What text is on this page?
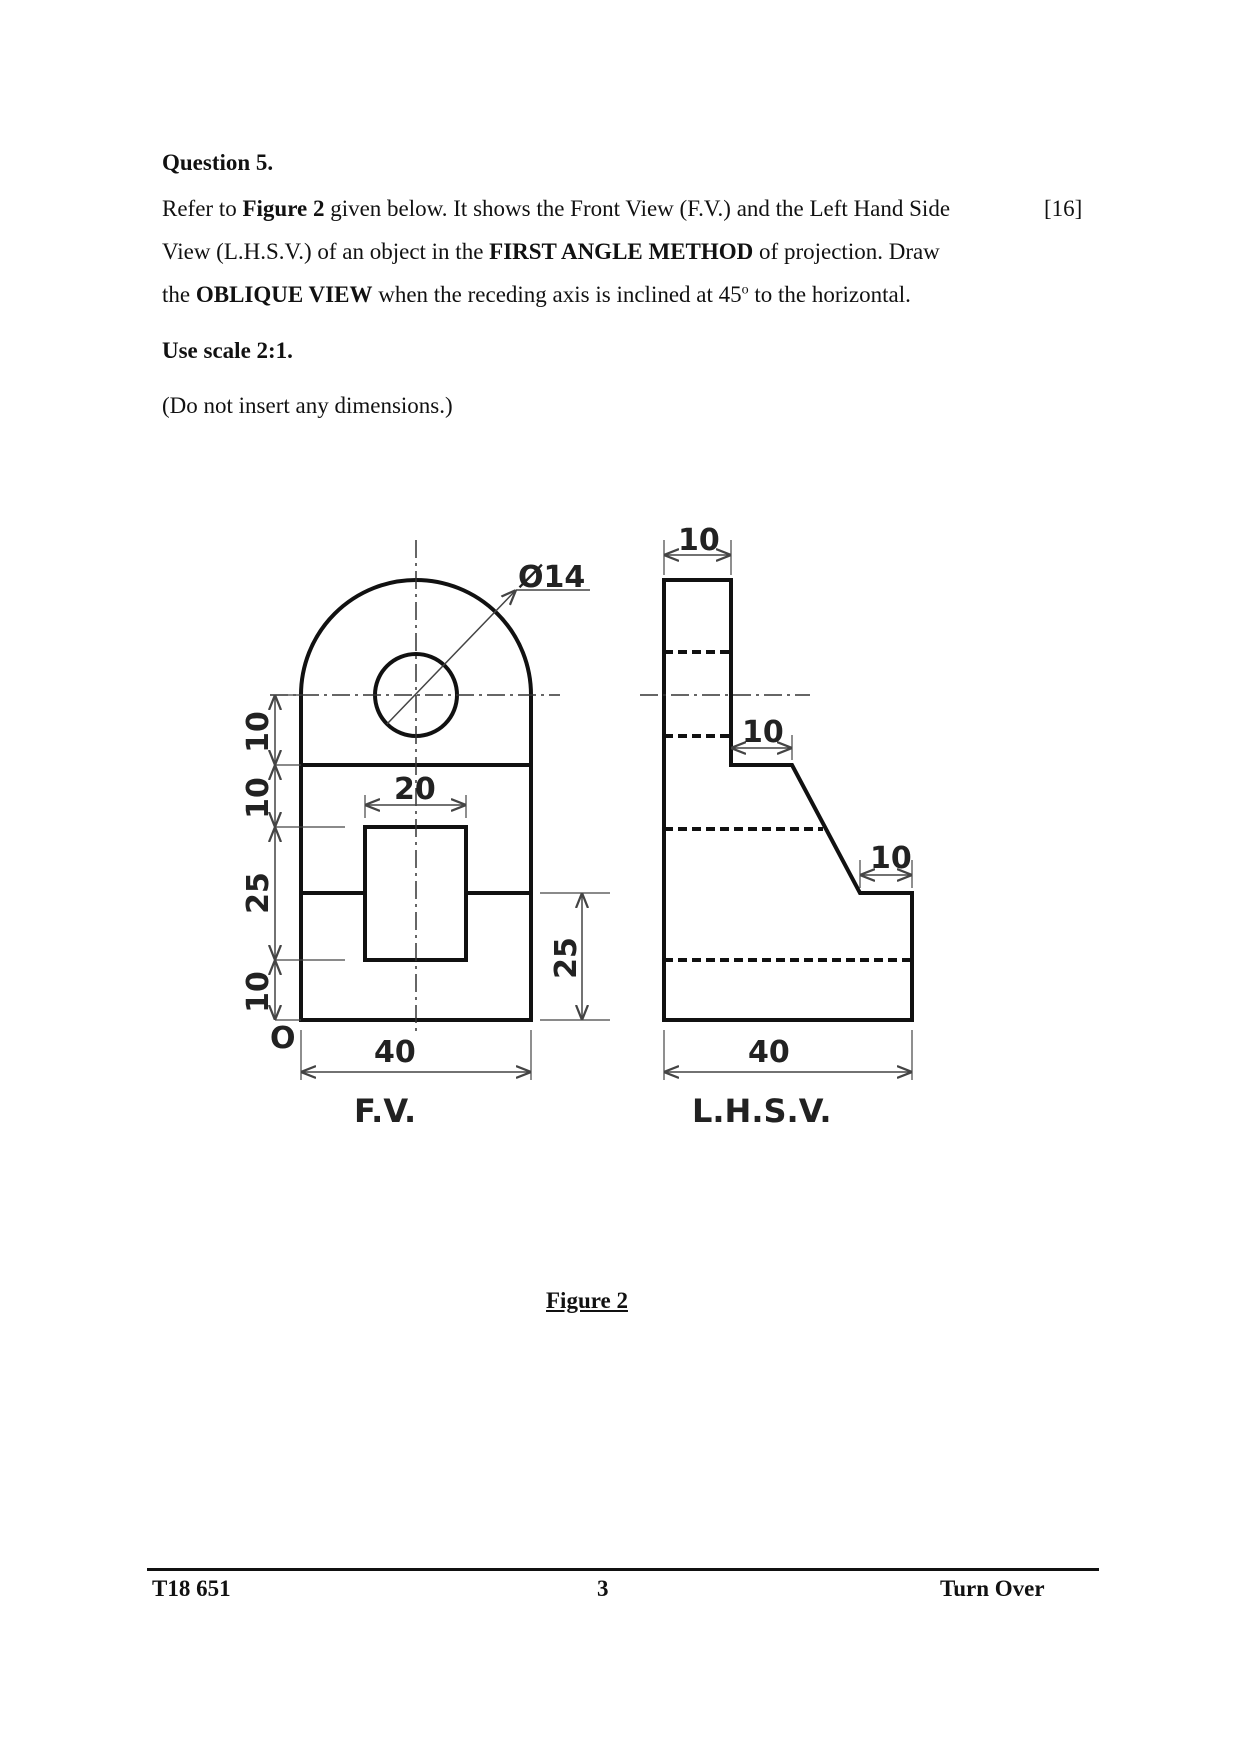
Question 5.
Refer to Figure 2 given below. It shows the Front View (F.V.) and the Left Hand Side	[16]
View (L.H.S.V.) of an object in the FIRST ANGLE METHOD of projection. Draw
the OBLIQUE VIEW when the receding axis is inclined at 45$^o$ to the horizontal.
Use scale 2:1.
(Do not insert any dimensions.)
Ø14
20
40
O
10
10
25
10
25
F.V.
10
10
10
40
L.H.S.V.
Figure 2
T18 651	3	Turn Over
